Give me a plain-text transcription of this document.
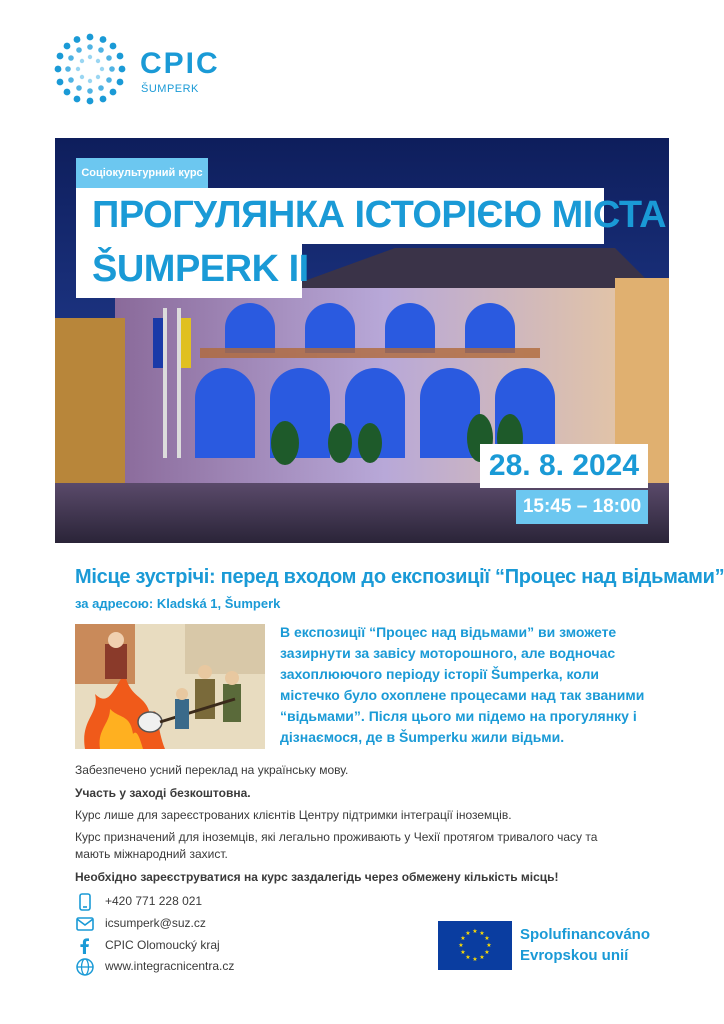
CPIC
ŠUMPERK
Соціокультурний курс
ПРОГУЛЯНКА ІСТОРІЄЮ МІСТА
ŠUMPERK II
28. 8. 2024
15:45 – 18:00
Місце зустрічі: перед входом до експозиції “Процес над відьмами”
за адресою: Kladská 1, Šumperk
В експозиції “Процес над відьмами” ви зможете зазирнути за завісу моторошного, але водночас захоплюючого періоду історії Šumperka, коли містечко було охоплене процесами над так званими “відьмами”. Після цього ми підемо на прогулянку і дізнаємося, де в Šumperku жили відьми.
Забезпечено усний переклад на українську мову.
Участь у заході безкоштовна.
Курс лише для зареєстрованих клієнтів Центру підтримки інтеграції іноземців.
Курс призначений для іноземців, які легально проживають у Чехії протягом тривалого часу та мають міжнародний захист.
Необхідно зареєструватися на курс заздалегідь через обмежену кількість місць!
+420 771 228 021
icsumperk@suz.cz
CPIC Olomoucký kraj
www.integracnicentra.cz
★ ★
★
★
★
★
★
★
★
★
★
★	Spolufinancováno
Evropskou unií
